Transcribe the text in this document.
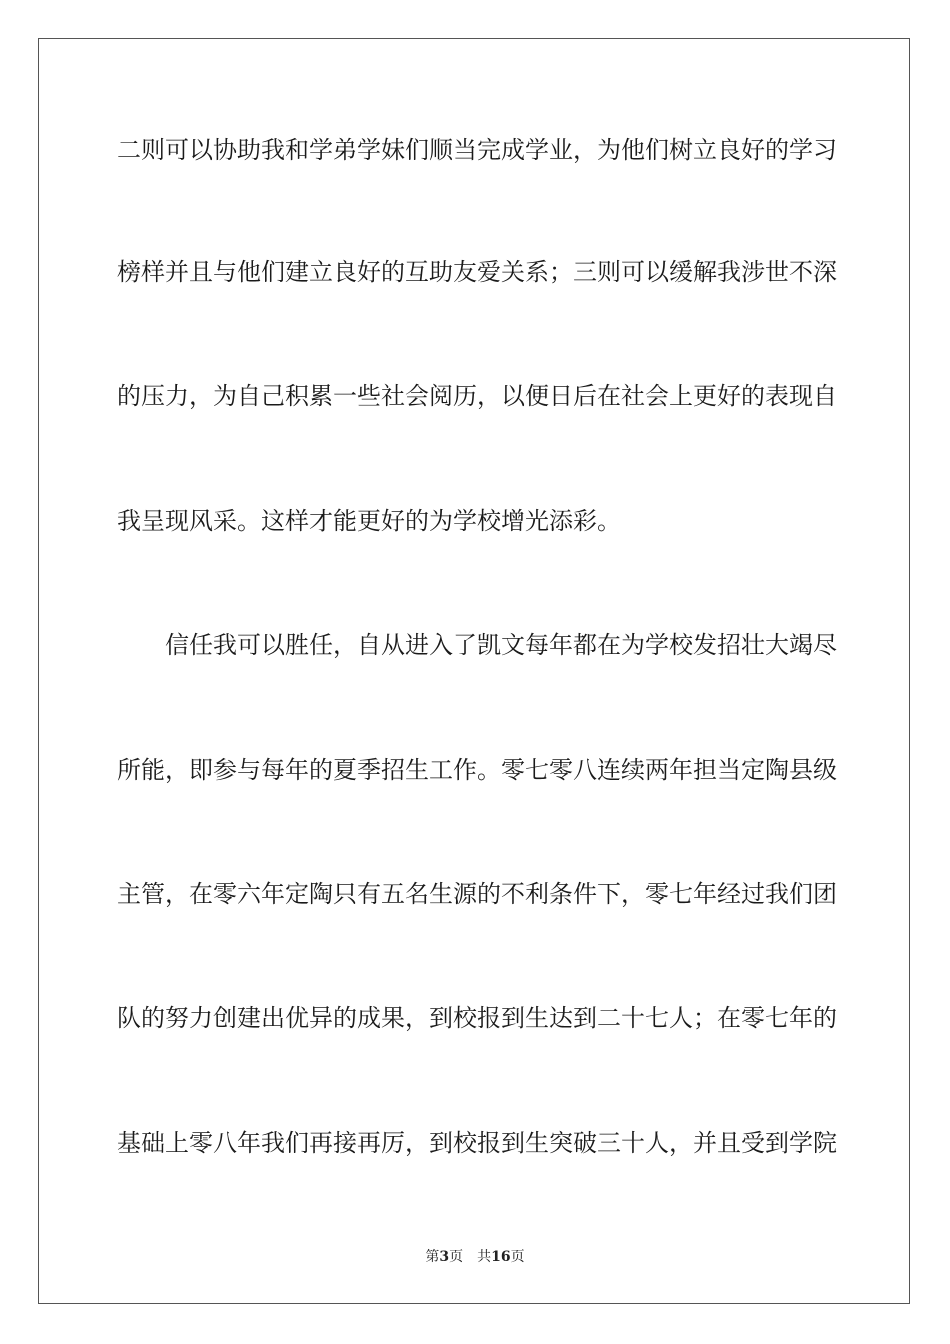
二则可以协助我和学弟学妹们顺当完成学业，为他们树立良好的学习
榜样并且与他们建立良好的互助友爱关系；三则可以缓解我涉世不深
的压力，为自己积累一些社会阅历，以便日后在社会上更好的表现自
我呈现风采。这样才能更好的为学校增光添彩。
信任我可以胜任，自从进入了凯文每年都在为学校发招壮大竭尽
所能，即参与每年的夏季招生工作。零七零八连续两年担当定陶县级
主管，在零六年定陶只有五名生源的不利条件下，零七年经过我们团
队的努力创建出优异的成果，到校报到生达到二十七人；在零七年的
基础上零八年我们再接再厉，到校报到生突破三十人，并且受到学院
第3页 共16页
